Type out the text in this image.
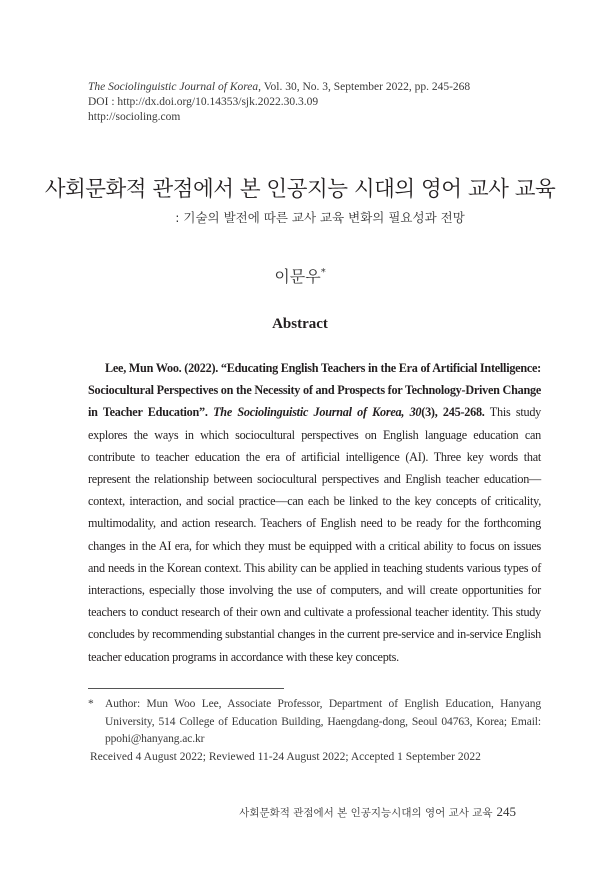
The Sociolinguistic Journal of Korea, Vol. 30, No. 3, September 2022, pp. 245-268
DOI : http://dx.doi.org/10.14353/sjk.2022.30.3.09
http://socioling.com
사회문화적 관점에서 본 인공지능 시대의 영어 교사 교육
: 기술의 발전에 따른 교사 교육 변화의 필요성과 전망
이문우*
Abstract

Lee, Mun Woo. (2022). “Educating English Teachers in the Era of Artificial Intelligence: Sociocultural Perspectives on the Necessity of and Prospects for Technology-Driven Change in Teacher Education”. The Sociolinguistic Journal of Korea, 30(3), 245-268. This study explores the ways in which sociocultural perspectives on English language education can contribute to teacher education the era of artificial intelligence (AI). Three key words that represent the relationship between sociocultural perspectives and English teacher education—context, interaction, and social practice—can each be linked to the key concepts of criticality, multimodality, and action research. Teachers of English need to be ready for the forthcoming changes in the AI era, for which they must be equipped with a critical ability to focus on issues and needs in the Korean context. This ability can be applied in teaching students various types of interactions, especially those involving the use of computers, and will create opportunities for teachers to conduct research of their own and cultivate a professional teacher identity. This study concludes by recommending substantial changes in the current pre-service and in-service English teacher education programs in accordance with these key concepts.

* Author: Mun Woo Lee, Associate Professor, Department of English Education, Hanyang University, 514 College of Education Building, Haengdang-dong, Seoul 04763, Korea; Email: ppohi@hanyang.ac.kr
Received 4 August 2022; Reviewed 11-24 August 2022; Accepted 1 September 2022
사회문화적 관점에서 본 인공지능시대의 영어 교사 교육 245
